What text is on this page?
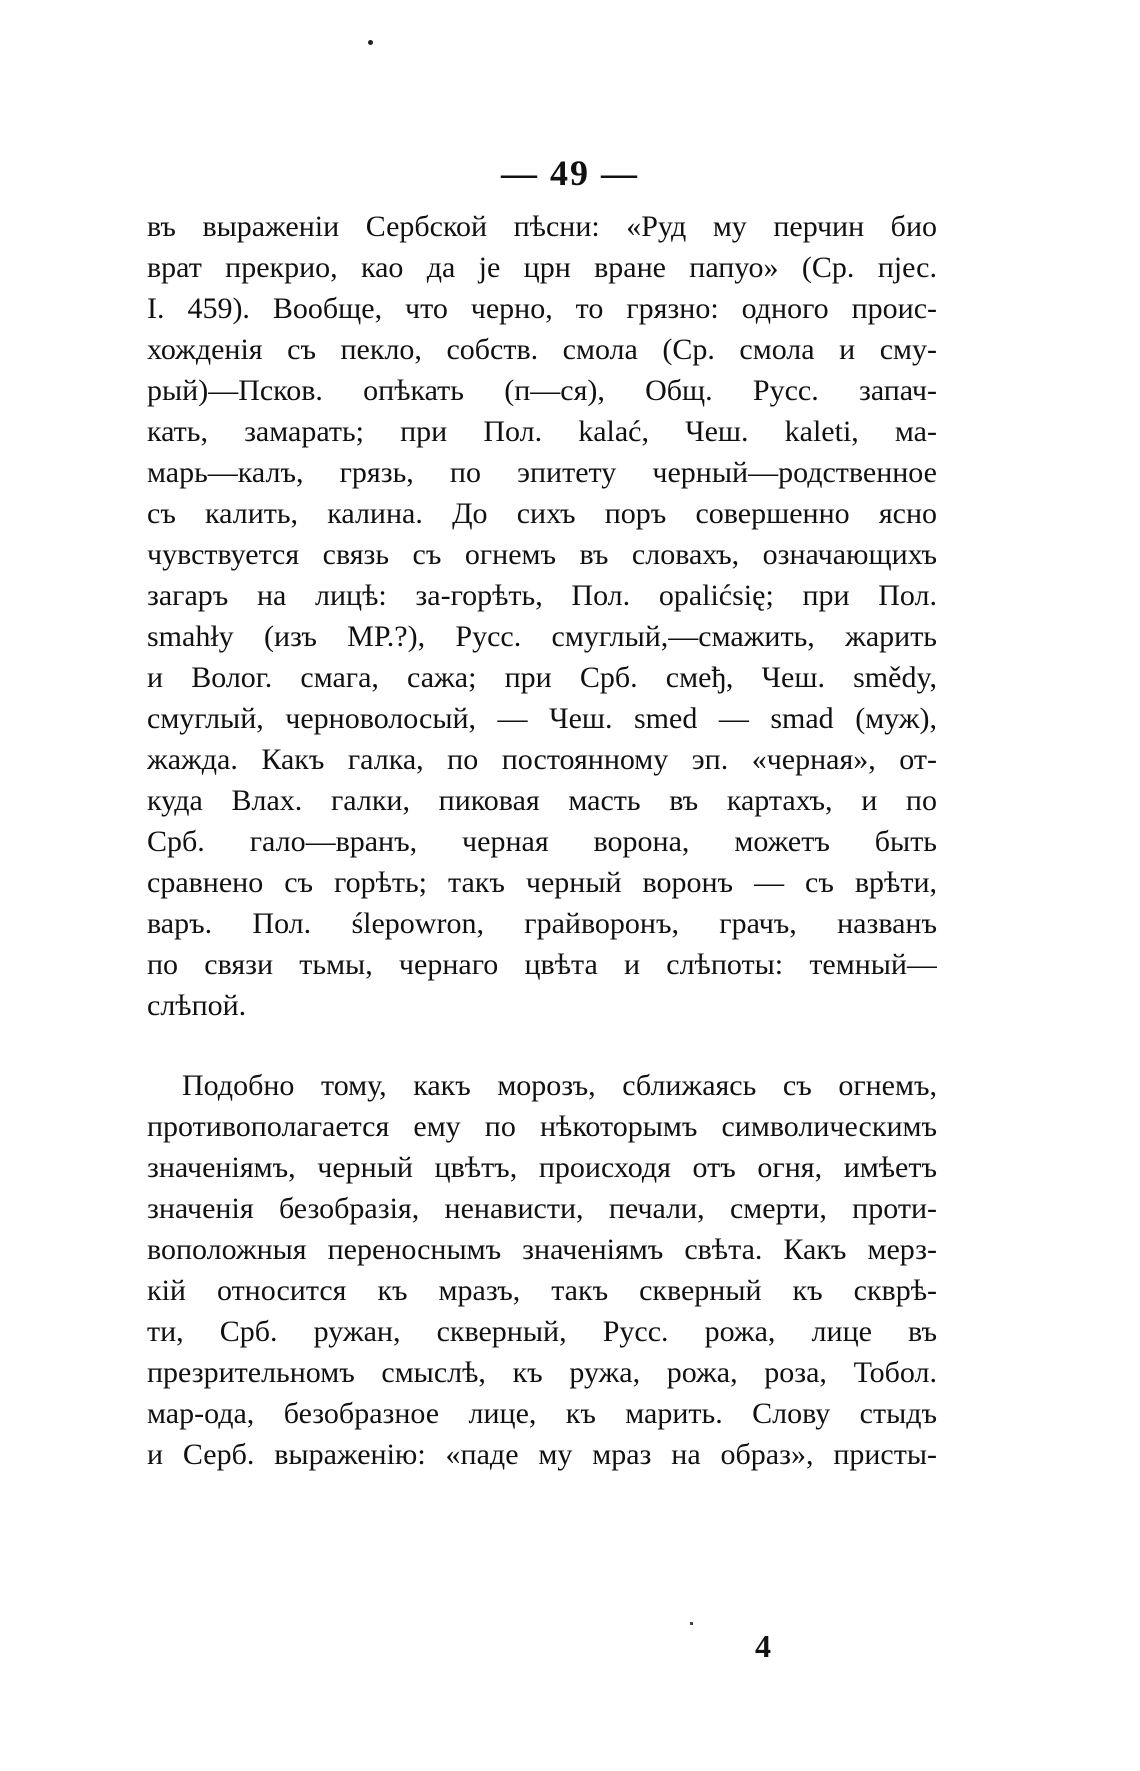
— 49 —
въ выраженіи Сербской пѣсни: «Руд му перчин био
врат прекрио, као да је црн вране папуо» (Ср. пјес.
I. 459). Вообще, что черно, то грязно: одного проис-
хожденія съ пекло, собств. смола (Ср. смола и сму-
рый)—Псков. опѣкать (п—ся), Общ. Русс. запач-
кать, замарать; при Пол. kalać, Чеш. kaleti, ма-
марь—калъ, грязь, по эпитету черный—родственное
съ калить, калина. До сихъ поръ совершенно ясно
чувствуется связь съ огнемъ въ словахъ, означающихъ
загаръ на лицѣ: за-горѣть, Пол. opalićsię; при Пол.
smahły (изъ МР.?), Русс. смуглый,—смажить, жарить
и Волог. смага, сажа; при Срб. смеђ, Чеш. smědy,
смуглый, черноволосый, — Чеш. smed — smad (муж),
жажда. Какъ галка, по постоянному эп. «черная», от-
куда Влах. галки, пиковая масть въ картахъ, и по
Срб. гало—вранъ, черная ворона, можетъ быть
сравнено съ горѣть; такъ черный воронъ — съ врѣти,
варъ. Пол. ślepowron, грайворонъ, грачъ, названъ
по связи тьмы, чернаго цвѣта и слѣпоты: темный—
слѣпой.
Подобно тому, какъ морозъ, сближаясь съ огнемъ,
противополагается ему по нѣкоторымъ символическимъ
значеніямъ, черный цвѣтъ, происходя отъ огня, имѣетъ
значенія безобразія, ненависти, печали, смерти, проти-
воположныя переноснымъ значеніямъ свѣта. Какъ мерз-
кій относится къ мразъ, такъ скверный къ скврѣ-
ти, Срб. ружан, скверный, Русс. рожа, лице въ
презрительномъ смыслѣ, къ ружа, рожа, роза, Тобол.
мар-ода, безобразное лице, къ марить. Слову стыдъ
и Серб. выраженію: «паде му мраз на образ», присты-
4
